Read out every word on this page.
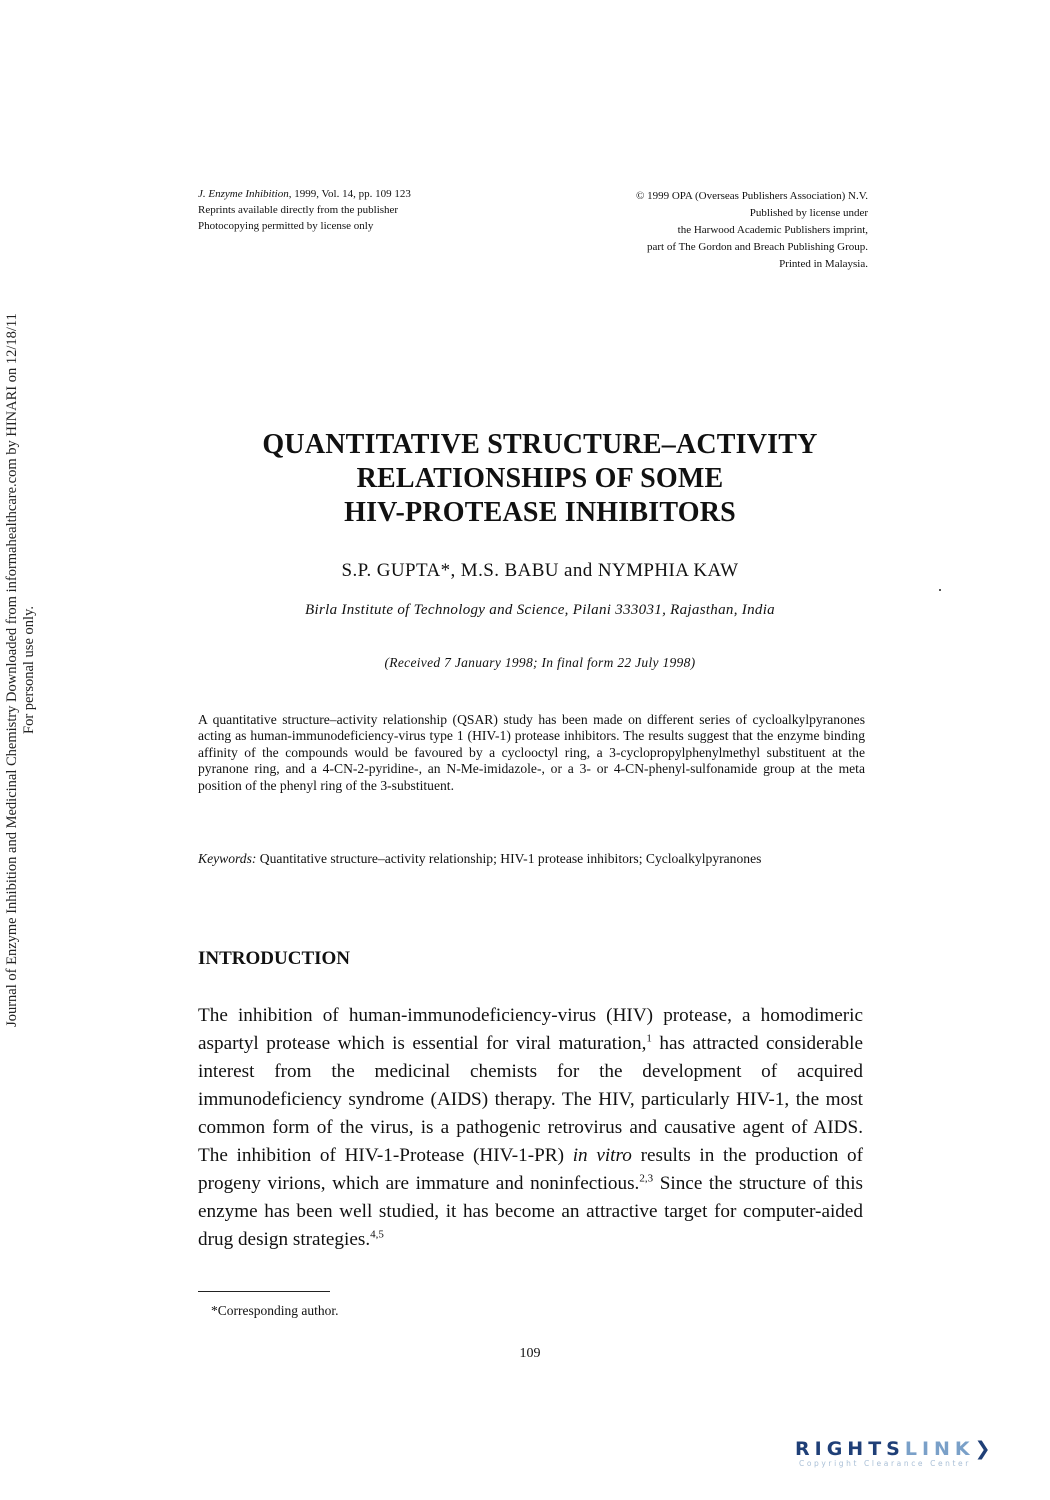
J. Enzyme Inhibition, 1999, Vol. 14, pp. 109 123
Reprints available directly from the publisher
Photocopying permitted by license only
© 1999 OPA (Overseas Publishers Association) N.V.
Published by license under
the Harwood Academic Publishers imprint,
part of The Gordon and Breach Publishing Group.
Printed in Malaysia.
Journal of Enzyme Inhibition and Medicinal Chemistry Downloaded from informahealthcare.com by HINARI on 12/18/11 For personal use only.
QUANTITATIVE STRUCTURE–ACTIVITY
RELATIONSHIPS OF SOME
HIV-PROTEASE INHIBITORS
S.P. GUPTA*, M.S. BABU and NYMPHIA KAW
Birla Institute of Technology and Science, Pilani 333031, Rajasthan, India
(Received 7 January 1998; In final form 22 July 1998)
A quantitative structure–activity relationship (QSAR) study has been made on different series of cycloalkylpyranones acting as human-immunodeficiency-virus type 1 (HIV-1) protease inhibitors. The results suggest that the enzyme binding affinity of the compounds would be favoured by a cyclooctyl ring, a 3-cyclopropylphenylmethyl substituent at the pyranone ring, and a 4-CN-2-pyridine-, an N-Me-imidazole-, or a 3- or 4-CN-phenyl-sulfonamide group at the meta position of the phenyl ring of the 3-substituent.
Keywords: Quantitative structure–activity relationship; HIV-1 protease inhibitors; Cycloalkylpyranones
INTRODUCTION
The inhibition of human-immunodeficiency-virus (HIV) protease, a homodimeric aspartyl protease which is essential for viral maturation,$^1$ has attracted considerable interest from the medicinal chemists for the development of acquired immunodeficiency syndrome (AIDS) therapy. The HIV, particularly HIV-1, the most common form of the virus, is a pathogenic retrovirus and causative agent of AIDS. The inhibition of HIV-1-Protease (HIV-1-PR) in vitro results in the production of progeny virions, which are immature and noninfectious.$^{2,3}$ Since the structure of this enzyme has been well studied, it has become an attractive target for computer-aided drug design strategies.$^{4,5}$
*Corresponding author.
109
RIGHTSLINK❯
Copyright Clearance Center
